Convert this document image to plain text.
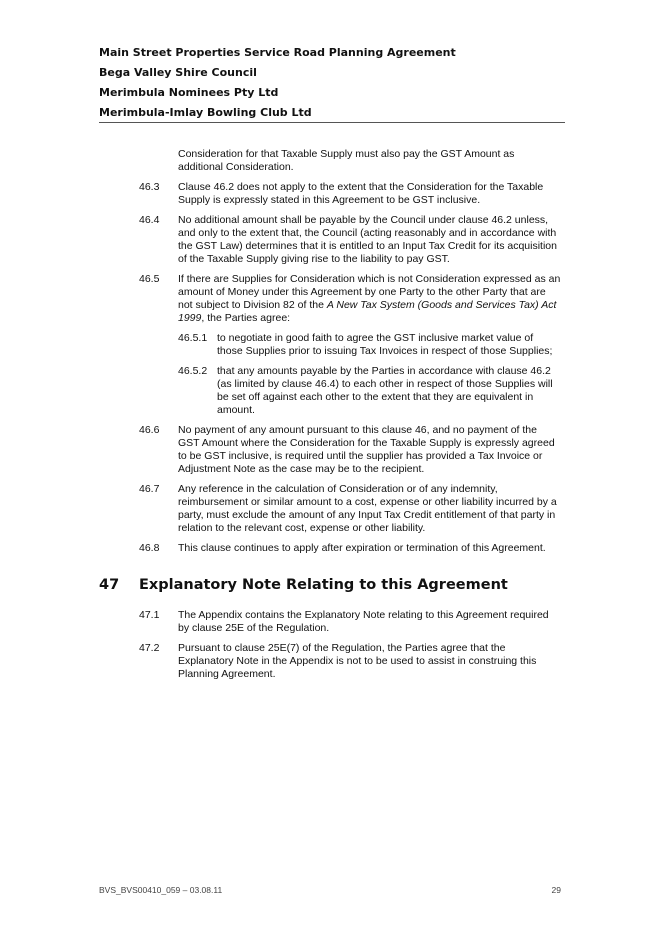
Main Street Properties Service Road Planning Agreement
Bega Valley Shire Council
Merimbula Nominees Pty Ltd
Merimbula-Imlay Bowling Club Ltd
Consideration for that Taxable Supply must also pay the GST Amount as additional Consideration.
46.3	Clause 46.2 does not apply to the extent that the Consideration for the Taxable Supply is expressly stated in this Agreement to be GST inclusive.
46.4	No additional amount shall be payable by the Council under clause 46.2 unless, and only to the extent that, the Council (acting reasonably and in accordance with the GST Law) determines that it is entitled to an Input Tax Credit for its acquisition of the Taxable Supply giving rise to the liability to pay GST.
46.5	If there are Supplies for Consideration which is not Consideration expressed as an amount of Money under this Agreement by one Party to the other Party that are not subject to Division 82 of the A New Tax System (Goods and Services Tax) Act 1999, the Parties agree:
46.5.1 to negotiate in good faith to agree the GST inclusive market value of those Supplies prior to issuing Tax Invoices in respect of those Supplies;
46.5.2 that any amounts payable by the Parties in accordance with clause 46.2 (as limited by clause 46.4) to each other in respect of those Supplies will be set off against each other to the extent that they are equivalent in amount.
46.6	No payment of any amount pursuant to this clause 46, and no payment of the GST Amount where the Consideration for the Taxable Supply is expressly agreed to be GST inclusive, is required until the supplier has provided a Tax Invoice or Adjustment Note as the case may be to the recipient.
46.7	Any reference in the calculation of Consideration or of any indemnity, reimbursement or similar amount to a cost, expense or other liability incurred by a party, must exclude the amount of any Input Tax Credit entitlement of that party in relation to the relevant cost, expense or other liability.
46.8	This clause continues to apply after expiration or termination of this Agreement.
47 Explanatory Note Relating to this Agreement
47.1	The Appendix contains the Explanatory Note relating to this Agreement required by clause 25E of the Regulation.
47.2	Pursuant to clause 25E(7) of the Regulation, the Parties agree that the Explanatory Note in the Appendix is not to be used to assist in construing this Planning Agreement.
BVS_BVS00410_059 – 03.08.11	29
